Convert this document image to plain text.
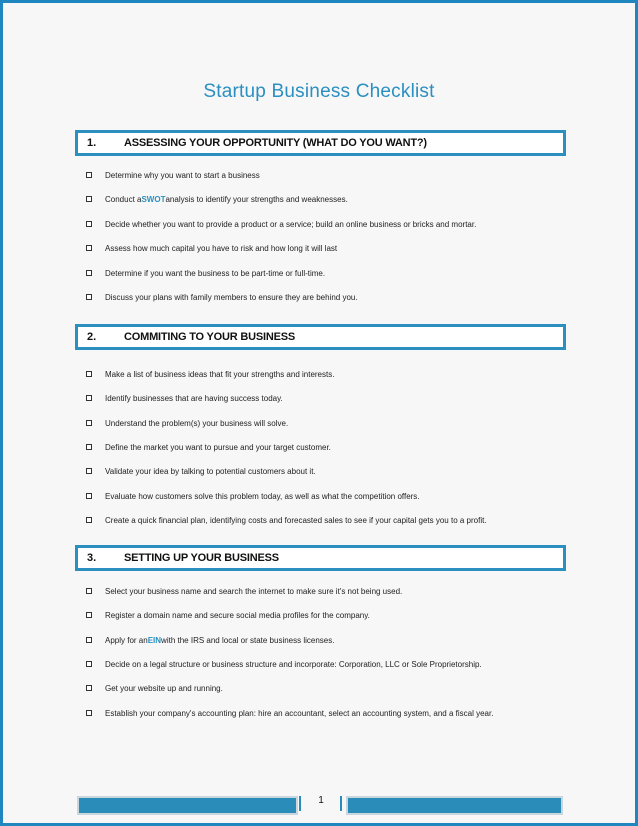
Startup Business Checklist
1.	ASSESSING YOUR OPPORTUNITY (WHAT DO YOU WANT?)
Determine why you want to start a business
Conduct a SWOT analysis to identify your strengths and weaknesses.
Decide whether you want to provide a product or a service; build an online business or bricks and mortar.
Assess how much capital you have to risk and how long it will last
Determine if you want the business to be part-time or full-time.
Discuss your plans with family members to ensure they are behind you.
2.	COMMITING TO YOUR BUSINESS
Make a list of business ideas that fit your strengths and interests.
Identify businesses that are having success today.
Understand the problem(s) your business will solve.
Define the market you want to pursue and your target customer.
Validate your idea by talking to potential customers about it.
Evaluate how customers solve this problem today, as well as what the competition offers.
Create a quick financial plan, identifying costs and forecasted sales to see if your capital gets you to a profit.
3.	SETTING UP YOUR BUSINESS
Select your business name and search the internet to make sure it's not being used.
Register a domain name and secure social media profiles for the company.
Apply for an EIN with the IRS and local or state business licenses.
Decide on a legal structure or business structure and incorporate: Corporation, LLC or Sole Proprietorship.
Get your website up and running.
Establish your company's accounting plan: hire an accountant, select an accounting system, and a fiscal year.
1
